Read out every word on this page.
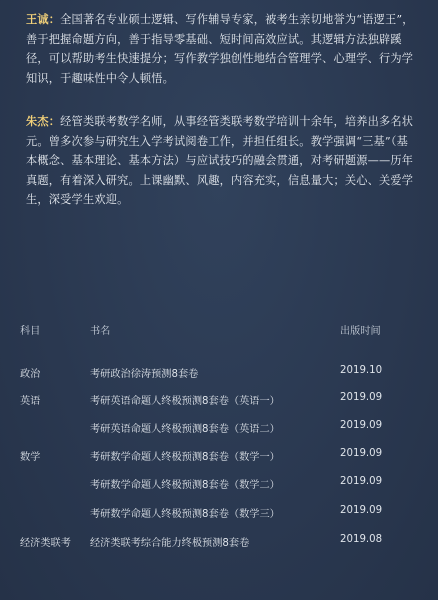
王诚：全国著名专业硕士逻辑、写作辅导专家，被考生亲切地誉为“语逻王”，善于把握命题方向，善于指导零基础、短时间高效应试。其逻辑方法独辟蹊径，可以帮助考生快速提分；写作教学独创性地结合管理学、心理学、行为学知识，于趣味性中令人顿悟。
朱杰：经管类联考数学名师，从事经管类联考数学培训十余年，培养出多名状元。曾多次参与研究生入学考试阅卷工作，并担任组长。教学强调“三基”（基本概念、基本理论、基本方法）与应试技巧的融会贯通，对考研题源——历年真题，有着深入研究。上课幽默、风趣，内容充实，信息量大；关心、关爱学生，深受学生欢迎。
科目	书名	出版时间
政治	考研政治徐涛预测8套卷	2019.10
英语	考研英语命题人终极预测8套卷（英语一）	2019.09
考研英语命题人终极预测8套卷（英语二）	2019.09
数学	考研数学命题人终极预测8套卷（数学一）	2019.09
考研数学命题人终极预测8套卷（数学二）	2019.09
考研数学命题人终极预测8套卷（数学三）	2019.09
经济类联考 经济类联考综合能力终极预测8套卷	2019.08
